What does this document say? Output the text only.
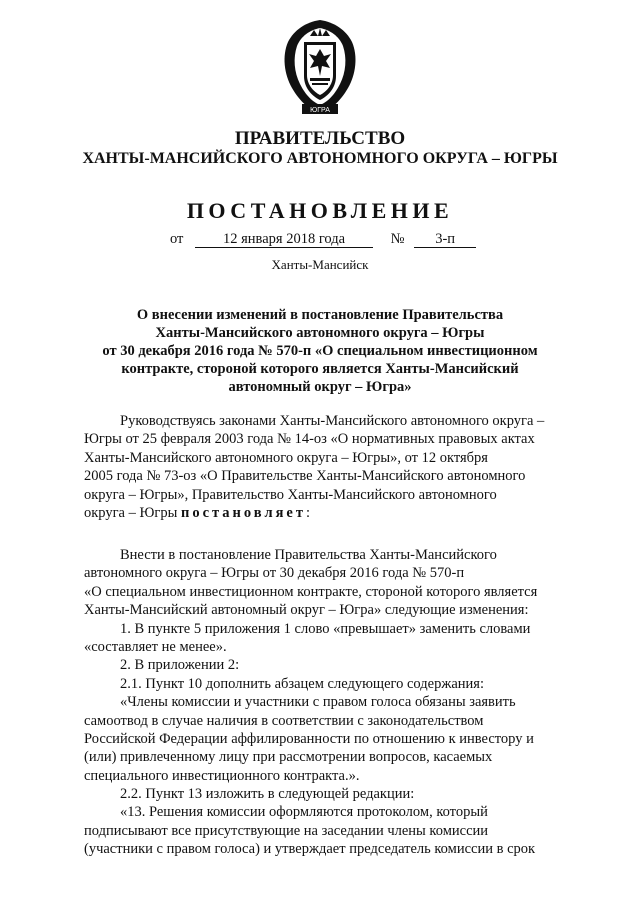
ЮГРА
ПРАВИТЕЛЬСТВО
ХАНТЫ-МАНСИЙСКОГО АВТОНОМНОГО ОКРУГА – ЮГРЫ
ПОСТАНОВЛЕНИЕ
от	12 января 2018 года	№ 3-п
Ханты-Мансийск
О внесении изменений в постановление Правительства
Ханты-Мансийского автономного округа – Югры
от 30 декабря 2016 года № 570-п «О специальном инвестиционном
контракте, стороной которого является Ханты-Мансийский
автономный округ – Югра»
Руководствуясь законами Ханты-Мансийского автономного округа –
Югры от 25 февраля 2003 года № 14-оз «О нормативных правовых актах
Ханты-Мансийского автономного округа – Югры», от 12 октября
2005 года № 73-оз «О Правительстве Ханты-Мансийского автономного
округа – Югры», Правительство Ханты-Мансийского автономного
округа – Югры постановляет:
Внести в постановление Правительства Ханты-Мансийского
автономного округа – Югры от 30 декабря 2016 года № 570-п
«О специальном инвестиционном контракте, стороной которого является
Ханты-Мансийский автономный округ – Югра» следующие изменения:
1. В пункте 5 приложения 1 слово «превышает» заменить словами
«составляет не менее».
2. В приложении 2:
2.1. Пункт 10 дополнить абзацем следующего содержания:
«Члены комиссии и участники с правом голоса обязаны заявить
самоотвод в случае наличия в соответствии с законодательством
Российской Федерации аффилированности по отношению к инвестору и
(или) привлеченному лицу при рассмотрении вопросов, касаемых
специального инвестиционного контракта.».
2.2. Пункт 13 изложить в следующей редакции:
«13. Решения комиссии оформляются протоколом, который
подписывают все присутствующие на заседании члены комиссии
(участники с правом голоса) и утверждает председатель комиссии в срок
